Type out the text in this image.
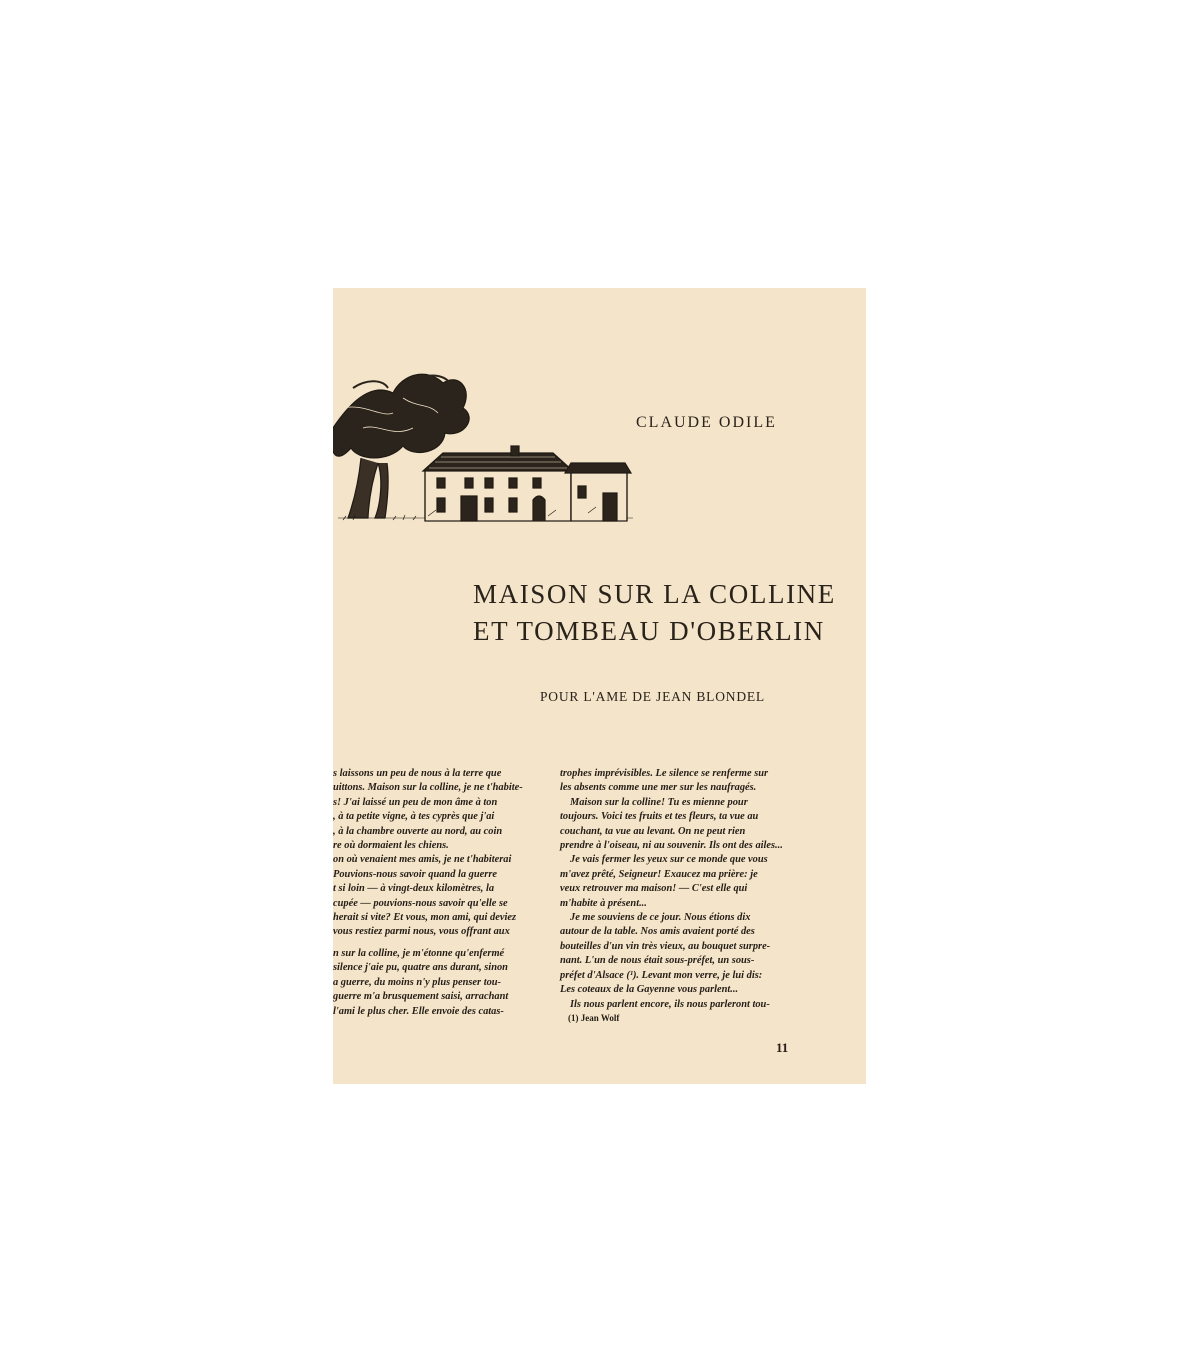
CLAUDE ODILE
MAISON SUR LA COLLINE
ET TOMBEAU D'OBERLIN
POUR L'AME DE JEAN BLONDEL

s laissons un peu de nous à la terre que

uittons. Maison sur la colline, je ne t'habite-

s! J'ai laissé un peu de mon âme à ton

, à ta petite vigne, à tes cyprès que j'ai

, à la chambre ouverte au nord, au coin

re où dormaient les chiens.

on où venaient mes amis, je ne t'habiterai

Pouvions-nous savoir quand la guerre

t si loin — à vingt-deux kilomètres, la

cupée — pouvions-nous savoir qu'elle se

herait si vite? Et vous, mon ami, qui deviez

vous restiez parmi nous, vous offrant aux

n sur la colline, je m'étonne qu'enfermé

silence j'aie pu, quatre ans durant, sinon

a guerre, du moins n'y plus penser tou-

guerre m'a brusquement saisi, arrachant

l'ami le plus cher. Elle envoie des catas-

trophes imprévisibles. Le silence se renferme sur

les absents comme une mer sur les naufragés.

Maison sur la colline! Tu es mienne pour

toujours. Voici tes fruits et tes fleurs, ta vue au

couchant, ta vue au levant. On ne peut rien

prendre à l'oiseau, ni au souvenir. Ils ont des ailes...

Je vais fermer les yeux sur ce monde que vous

m'avez prêté, Seigneur! Exaucez ma prière: je

veux retrouver ma maison! — C'est elle qui

m'habite à présent...

Je me souviens de ce jour. Nous étions dix

autour de la table. Nos amis avaient porté des

bouteilles d'un vin très vieux, au bouquet surpre-

nant. L'un de nous était sous-préfet, un sous-

préfet d'Alsace (¹). Levant mon verre, je lui dis:

Les coteaux de la Gayenne vous parlent...

Ils nous parlent encore, ils nous parleront tou-

(1) Jean Wolf

11
